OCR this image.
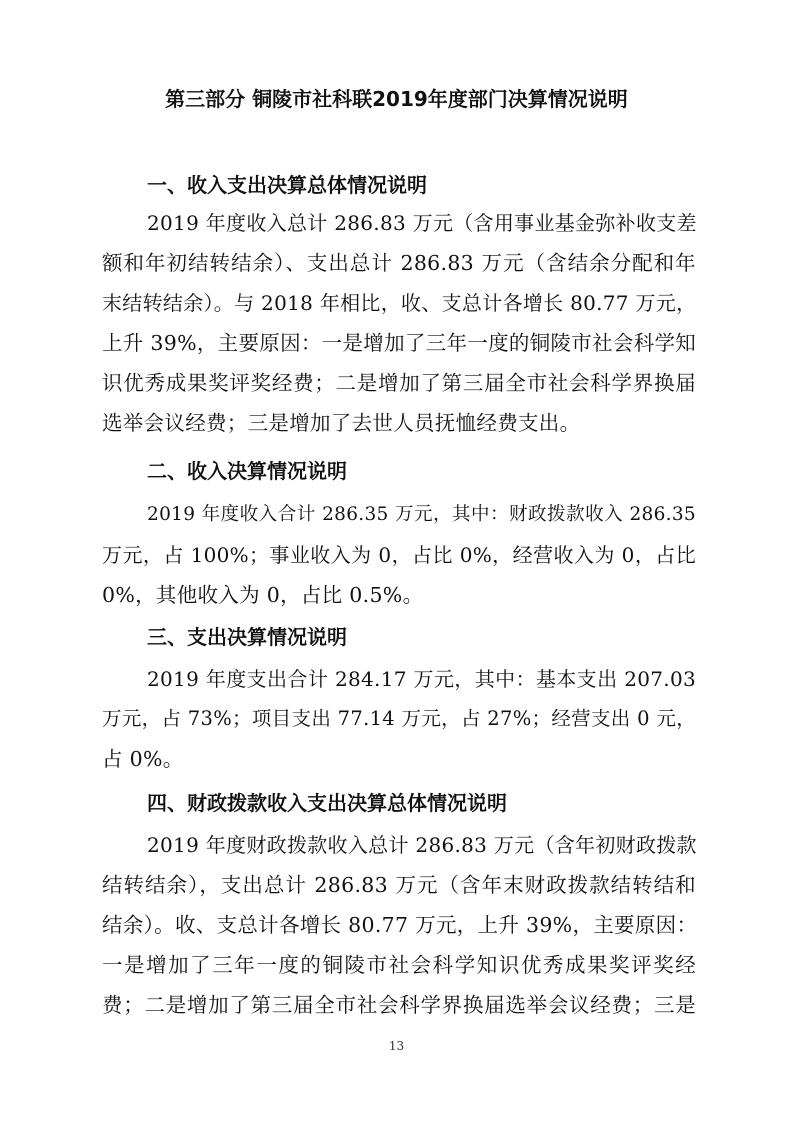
第三部分 铜陵市社科联2019年度部门决算情况说明
一、收入支出决算总体情况说明
2019 年度收入总计 286.83 万元（含用事业基金弥补收支差
额和年初结转结余）、支出总计 286.83 万元（含结余分配和年
末结转结余）。与 2018 年相比，收、支总计各增长 80.77 万元，
上升 39%，主要原因：一是增加了三年一度的铜陵市社会科学知
识优秀成果奖评奖经费；二是增加了第三届全市社会科学界换届
选举会议经费；三是增加了去世人员抚恤经费支出。
二、收入决算情况说明
2019 年度收入合计 286.35 万元，其中：财政拨款收入 286.35
万元，占 100%；事业收入为 0，占比 0%，经营收入为 0，占比
0%，其他收入为 0，占比 0.5%。
三、支出决算情况说明
2019 年度支出合计 284.17 万元，其中：基本支出 207.03
万元，占 73%；项目支出 77.14 万元，占 27%；经营支出 0 元，
占 0%。
四、财政拨款收入支出决算总体情况说明
2019 年度财政拨款收入总计 286.83 万元（含年初财政拨款
结转结余），支出总计 286.83 万元（含年末财政拨款结转结和
结余）。收、支总计各增长 80.77 万元，上升 39%，主要原因：
一是增加了三年一度的铜陵市社会科学知识优秀成果奖评奖经
费；二是增加了第三届全市社会科学界换届选举会议经费；三是
13
